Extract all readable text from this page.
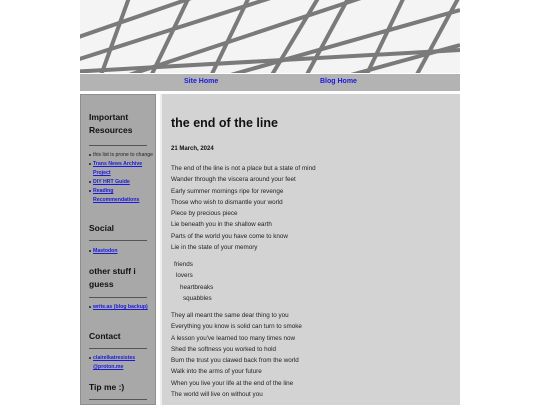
Site Home	Blog Home
Important Resources
this list is prone to change
Trans News Archive Project
DIY HRT Guide
Reading Recommendations
Social
Mastodon
other stuff i guess
write.as (blog backup)
Contact
clairelkatresistes @proton.me
Tip me :)
the end of the line
21 March, 2024
The end of the line is not a place but a state of mind
Wander through the viscera around your feet
Early summer mornings ripe for revenge
Those who wish to dismantle your world
Piece by precious piece
Lie beneath you in the shallow earth
Parts of the world you have come to know
Lie in the state of your memory
friends
lovers
heartbreaks
squabbles
They all meant the same dear thing to you
Everything you know is solid can turn to smoke
A lesson you've learned too many times now
Shed the softness you worked to hold
Burn the trust you clawed back from the world
Walk into the arms of your future
When you live your life at the end of the line
The world will live on without you
